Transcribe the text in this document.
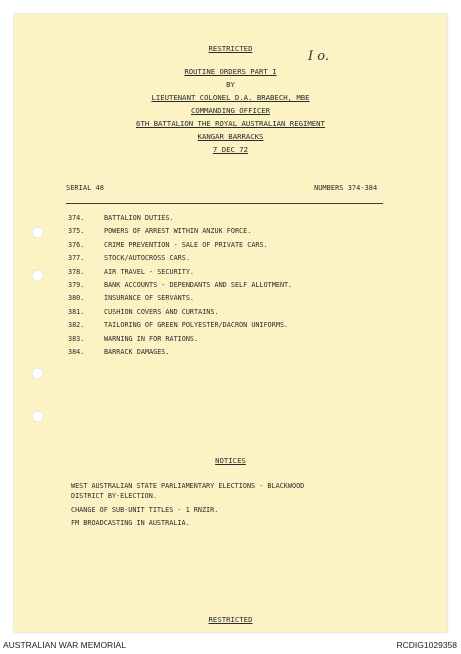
I o.
RESTRICTED
ROUTINE ORDERS PART I
BY
LIEUTENANT COLONEL D.A. BRABECH, MBE
COMMANDING OFFICER
6TH BATTALION THE ROYAL AUSTRALIAN REGIMENT
KANGAR BARRACKS
7 DEC 72
SERIAL 48	NUMBERS 374-384
374.	BATTALION DUTIES.
375.	POWERS OF ARREST WITHIN ANZUK FORCE.
376.	CRIME PREVENTION - SALE OF PRIVATE CARS.
377.	STOCK/AUTOCROSS CARS.
378.	AIR TRAVEL - SECURITY.
379.	BANK ACCOUNTS - DEPENDANTS AND SELF ALLOTMENT.
380.	INSURANCE OF SERVANTS.
381.	CUSHION COVERS AND CURTAINS.
382.	TAILORING OF GREEN POLYESTER/DACRON UNIFORMS.
383.	WARNING IN FOR RATIONS.
384.	BARRACK DAMAGES.
NOTICES
WEST AUSTRALIAN STATE PARLIAMENTARY ELECTIONS - BLACKWOOD
DISTRICT BY-ELECTION.
CHANGE OF SUB-UNIT TITLES - 1 RNZIR.
FM BROADCASTING IN AUSTRALIA.
RESTRICTED
AUSTRALIAN WAR MEMORIAL	RCDIG1029358
